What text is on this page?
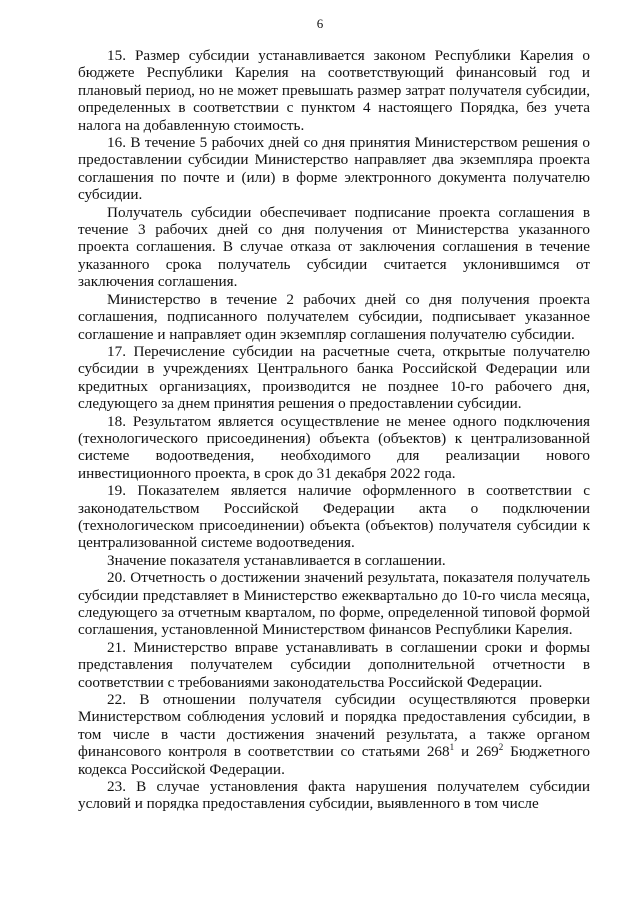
6

15. Размер субсидии устанавливается законом Республики Карелия о бюджете Республики Карелия на соответствующий финансовый год и плановый период, но не может превышать размер затрат получателя субсидии, определенных в соответствии с пунктом 4 настоящего Порядка, без учета налога на добавленную стоимость.

16. В течение 5 рабочих дней со дня принятия Министерством решения о предоставлении субсидии Министерство направляет два экземпляра проекта соглашения по почте и (или) в форме электронного документа получателю субсидии.

Получатель субсидии обеспечивает подписание проекта соглашения в течение 3 рабочих дней со дня получения от Министерства указанного проекта соглашения. В случае отказа от заключения соглашения в течение указанного срока получатель субсидии считается уклонившимся от заключения соглашения.

Министерство в течение 2 рабочих дней со дня получения проекта соглашения, подписанного получателем субсидии, подписывает указанное соглашение и направляет один экземпляр соглашения получателю субсидии.

17. Перечисление субсидии на расчетные счета, открытые получателю субсидии в учреждениях Центрального банка Российской Федерации или кредитных организациях, производится не позднее 10-го рабочего дня, следующего за днем принятия решения о предоставлении субсидии.

18. Результатом является осуществление не менее одного подключения (технологического присоединения) объекта (объектов) к централизованной системе водоотведения, необходимого для реализации нового инвестиционного проекта, в срок до 31 декабря 2022 года.

19. Показателем является наличие оформленного в соответствии с законодательством Российской Федерации акта о подключении (технологическом присоединении) объекта (объектов) получателя субсидии к централизованной системе водоотведения.

Значение показателя устанавливается в соглашении.

20. Отчетность о достижении значений результата, показателя получатель субсидии представляет в Министерство ежеквартально до 10-го числа месяца, следующего за отчетным кварталом, по форме, определенной типовой формой соглашения, установленной Министерством финансов Республики Карелия.

21. Министерство вправе устанавливать в соглашении сроки и формы представления получателем субсидии дополнительной отчетности в соответствии с требованиями законодательства Российской Федерации.

22. В отношении получателя субсидии осуществляются проверки Министерством соблюдения условий и порядка предоставления субсидии, в том числе в части достижения значений результата, а также органом финансового контроля в соответствии со статьями $268^1$ и $269^2$ Бюджетного кодекса Российской Федерации.

23. В случае установления факта нарушения получателем субсидии условий и порядка предоставления субсидии, выявленного в том числе
